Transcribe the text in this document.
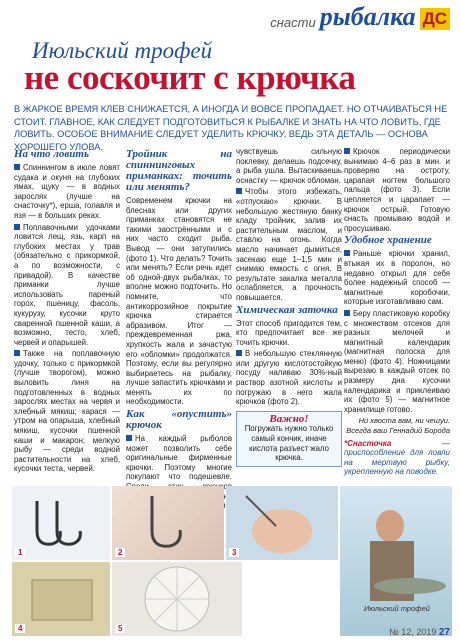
снасти рыбалка ДС
Июльский трофей
не соскочит с крючка
В ЖАРКОЕ ВРЕМЯ КЛЕВ СНИЖАЕТСЯ, А ИНОГДА И ВОВСЕ ПРОПАДАЕТ. НО ОТЧАИВАТЬСЯ НЕ СТОИТ. ГЛАВНОЕ, КАК СЛЕДУЕТ ПОДГОТОВИТЬСЯ К РЫБАЛКЕ И ЗНАТЬ НА ЧТО ЛОВИТЬ, ГДЕ ЛОВИТЬ. ОСОБОЕ ВНИМАНИЕ СЛЕДУЕТ УДЕЛИТЬ КРЮЧКУ, ВЕДЬ ЭТА ДЕТАЛЬ — ОСНОВА ХОРОШЕГО УЛОВА.
На что ловить

Спиннингом в июле ловят судака и окуня на глубоких ямах, щуку — в водных зарослях (лучше на снасточку*), ерша, голавля и язя — в больших реках.

Поплавочными удочками ловится лещ, язь, карп на глубоких местах у трав (обязательно с прикормкой, а по возможности, с привадой). В качестве приманки лучше использовать пареный горох, пшеницу, фасоль, кукурузу, кусочки круто сваренной пшенной каши, а возможно, тесто, хлеб, червей и опарышей.

Также на поплавочную удочку, только с прикормкой (лучше творогом), можно выловить линя на подготовленных в водных зарослях местах на червя и хлебный мякиш; карася — утром на опарыша, хлебный мякиш, кусочки пшенной каши и макарон; мелкую рыбу — среди водной растительности на хлеб, кусочки теста, червей.

Тройник на спиннинговых приманках: точить или менять?

Современем крючки на блеснах или других приманках становятся не такими заострёнными и с них часто сходит рыба. Вывод — они затупились (фото 1). Что делать? Точить или менять? Если речь идет об одной-двух рыбалках, то вполне можно подточить. Но помните, что антикоррозийное покрытие крючка стирается абразивом. Итог — преждевременная ржа, хрупкость жала и зачастую его «обломки» продолжатся. Поэтому, если вы регулярно выбираетесь на рыбалку, лучше запастить крючками и менять их по необходимости.

Как «опустить» крючок

На каждый рыболов может позволить себе оригинальные фирменные крючки. Поэтому многие покупают что подешевле.

чувствуешь сильную поклевку, делаешь подсечку, а рыба ушла. Вытаскиваешь оснастку — крючок обломан.

Чтобы этого избежать, «отпускаю» крючки. В небольшую жестяную банку кладу тройник, залив их растительным маслом, и ставлю на огонь. Когда масло начинает дымиться, засекаю еще 1–1,5 мин и снимаю емкость с огня. В результате закалка металла ослабляется, а прочность повышается.

Химическая заточка

Этот способ пригодится тем, кто предпочитает все же точить крючки.

В небольшую стеклянную или другую кислотостойкую посуду наливаю 30%-ный раствор азотной кислоты и погружаю в него жала крючков (фото 2).

Важно!
Погружать нужно только самый кончик, иначе кислота разъест жало крючка.

Крючок периодически вынимаю 4–6 раз в мин. и проверяю на остроту, царапая ногтем большого пальца (фото 3). Если цепляется и царапает — крючок острый. Готовую снасть промываю водой и просушиваю.

Удобное хранение

Раньше крючки хранил, втыкая их в поролон, но недавно открыл для себя более надежный способ — магнитные коробочки, которые изготавливаю сам.

Беру пластиковую коробку с множеством отсеков для разных мелочей и магнитный календарик (магнитная полоска для меню) (фото 4). Ножницами вырезаю в каждый отсек по размеру дна кусочки календарика и приклеиваю их (фото 5) — магнитное хранилище готово.

Ни хвоста вам, ни чешуи. Всегда ваш Геннадий Борода
*Снасточка — приспособление для ловли на мертвую рыбку, укрепленную на поводке.
1	2	3
4	5
Июльский трофей
№ 12, 2019 27
